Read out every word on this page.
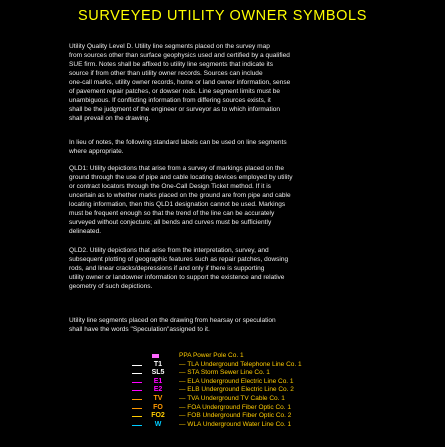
SURVEYED UTILITY OWNER SYMBOLS
Utility Quality Level D. Utility line segments placed on the survey map
from sources other than surface geophysics used and certified by a qualified
SUE firm. Notes shall be affixed to utility line segments that indicate its
source if from other than utility owner records. Sources can include
one-call marks, utility owner records, home or land owner information, sense
of pavement repair patches, or dowser rods. Line segment limits must be
unambiguous. If conflicting information from differing sources exists, it
shall be the judgment of the engineer or surveyor as to which information
shall prevail on the drawing.
In lieu of notes, the following standard labels can be used on line segments
where appropriate.
QLD1: Utility depictions that arise from a survey of markings placed on the
ground through the use of pipe and cable locating devices employed by utility
or contract locators through the One-Call Design Ticket method. If it is
uncertain as to whether marks placed on the ground are from pipe and cable
locating information, then this QLD1 designation cannot be used. Markings
must be frequent enough so that the trend of the line can be accurately
surveyed without conjecture; all bends and curves must be sufficiently
delineated.
QLD2. Utility depictions that arise from the interpretation, survey, and
subsequent plotting of geographic features such as repair patches, dowsing
rods, and linear cracks/depressions if and only if there is supporting
utility owner or landowner information to support the existence and relative
geometry of such depictions.
Utility line segments placed on the drawing from hearsay or speculation
shall have the words "Speculation"assigned to it.
PPA Power Pole Co. 1
T1	— TLA Underground Telephone Line Co. 1
SL5	— STA Storm Sewer Line Co. 1
E1	— ELA Underground Electric Line Co. 1
E2	— ELB Underground Electric Line Co. 2
TV	— TVA Underground TV Cable Co. 1
FO	— FOA Underground Fiber Optic Co. 1
FO2	— FOB Underground Fiber Optic Co. 2
W	— WLA Underground Water Line Co. 1
